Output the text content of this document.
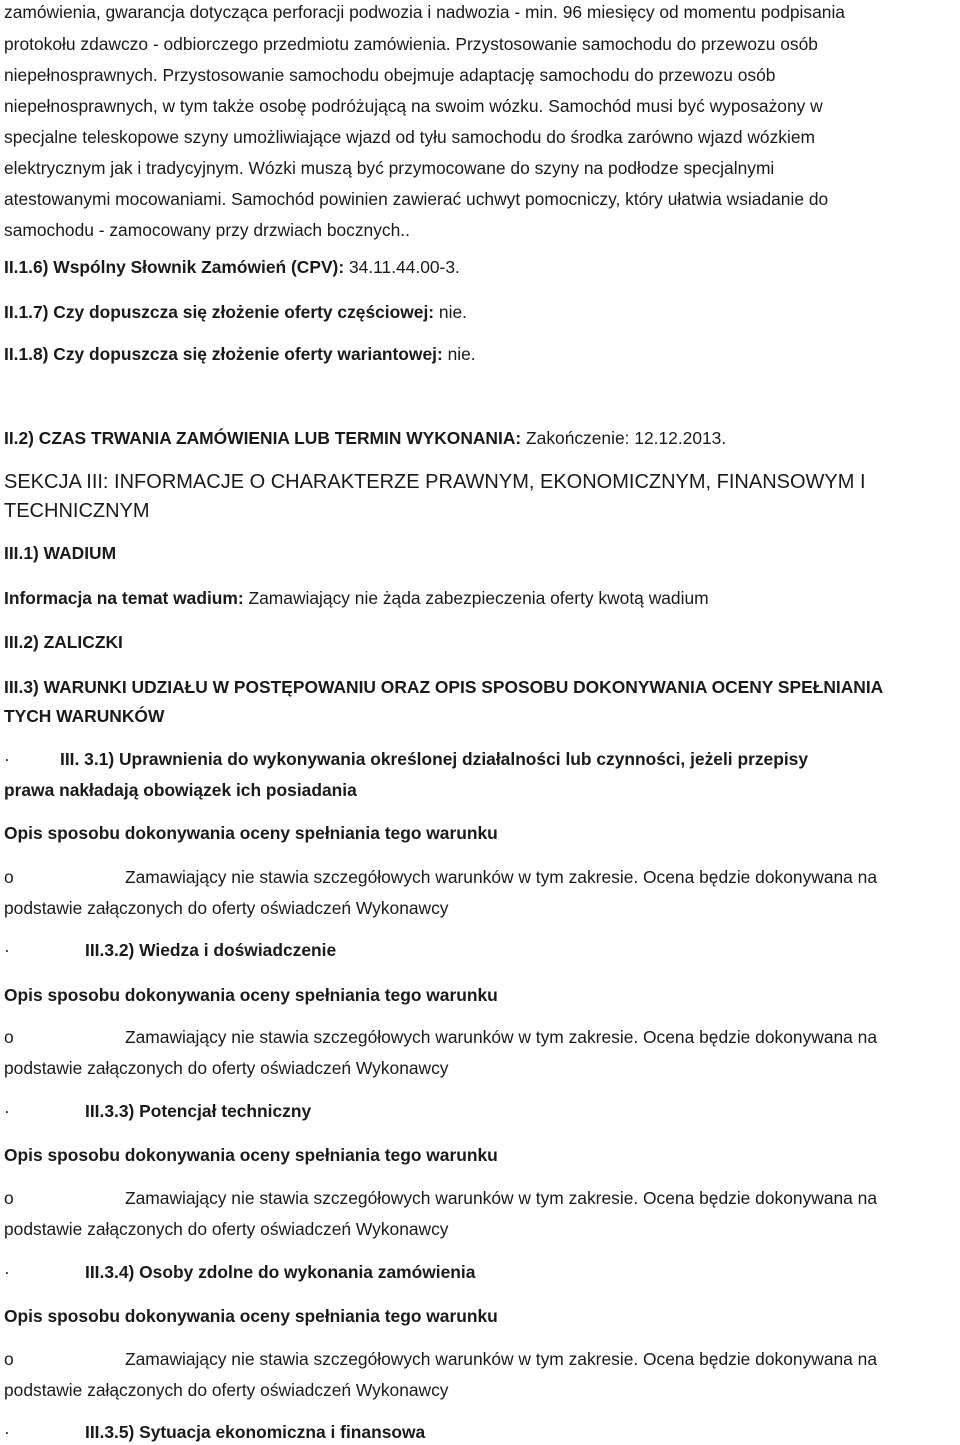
zamówienia, gwarancja dotycząca perforacji podwozia i nadwozia - min. 96 miesięcy od momentu podpisania
protokołu zdawczo - odbiorczego przedmiotu zamówienia. Przystosowanie samochodu do przewozu osób
niepełnosprawnych. Przystosowanie samochodu obejmuje adaptację samochodu do przewozu osób
niepełnosprawnych, w tym także osobę podróżującą na swoim wózku. Samochód musi być wyposażony w
specjalne teleskopowe szyny umożliwiające wjazd od tyłu samochodu do środka zarówno wjazd wózkiem
elektrycznym jak i tradycyjnym. Wózki muszą być przymocowane do szyny na podłodze specjalnymi
atestowanymi mocowaniami. Samochód powinien zawierać uchwyt pomocniczy, który ułatwia wsiadanie do
samochodu - zamocowany przy drzwiach bocznych..
II.1.6) Wspólny Słownik Zamówień (CPV): 34.11.44.00-3.
II.1.7) Czy dopuszcza się złożenie oferty częściowej: nie.
II.1.8) Czy dopuszcza się złożenie oferty wariantowej: nie.
II.2) CZAS TRWANIA ZAMÓWIENIA LUB TERMIN WYKONANIA: Zakończenie: 12.12.2013.
SEKCJA III: INFORMACJE O CHARAKTERZE PRAWNYM, EKONOMICZNYM, FINANSOWYM I
TECHNICZNYM
III.1) WADIUM
Informacja na temat wadium: Zamawiający nie żąda zabezpieczenia oferty kwotą wadium
III.2) ZALICZKI
III.3) WARUNKI UDZIAŁU W POSTĘPOWANIU ORAZ OPIS SPOSOBU DOKONYWANIA OCENY SPEŁNIANIA
TYCH WARUNKÓW
·	III. 3.1) Uprawnienia do wykonywania określonej działalności lub czynności, jeżeli przepisy
prawa nakładają obowiązek ich posiadania
Opis sposobu dokonywania oceny spełniania tego warunku
o	Zamawiający nie stawia szczegółowych warunków w tym zakresie. Ocena będzie dokonywana na
podstawie załączonych do oferty oświadczeń Wykonawcy
·	III.3.2) Wiedza i doświadczenie
Opis sposobu dokonywania oceny spełniania tego warunku
o	Zamawiający nie stawia szczegółowych warunków w tym zakresie. Ocena będzie dokonywana na
podstawie załączonych do oferty oświadczeń Wykonawcy
·	III.3.3) Potencjał techniczny
Opis sposobu dokonywania oceny spełniania tego warunku
o	Zamawiający nie stawia szczegółowych warunków w tym zakresie. Ocena będzie dokonywana na
podstawie załączonych do oferty oświadczeń Wykonawcy
·	III.3.4) Osoby zdolne do wykonania zamówienia
Opis sposobu dokonywania oceny spełniania tego warunku
o	Zamawiający nie stawia szczegółowych warunków w tym zakresie. Ocena będzie dokonywana na
podstawie załączonych do oferty oświadczeń Wykonawcy
·	III.3.5) Sytuacja ekonomiczna i finansowa
